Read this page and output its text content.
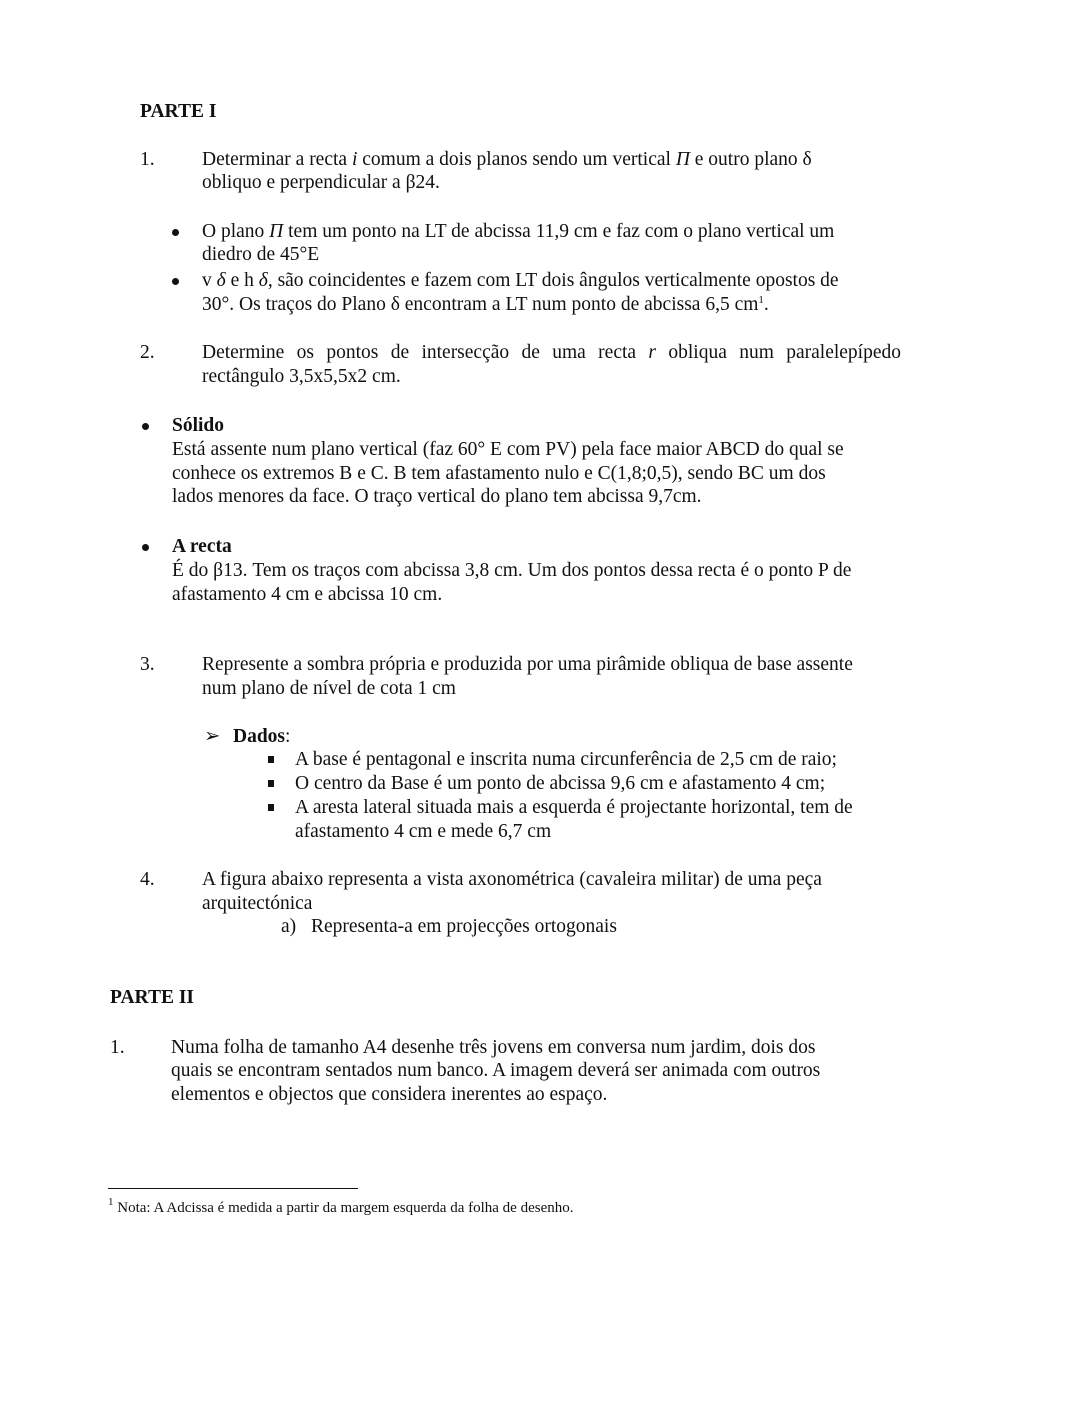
PARTE I
1. Determinar a recta i comum a dois planos sendo um vertical Π e outro plano δ
obliquo e perpendicular a β24.
O plano Π tem um ponto na LT de abcissa 11,9 cm e faz com o plano vertical um
diedro de 45°E
v δ e h δ, são coincidentes e fazem com LT dois ângulos verticalmente opostos de
30°. Os traços do Plano δ encontram a LT num ponto de abcissa 6,5 $cm^1$.
2. Determine os pontos de intersecção de uma recta r obliqua num paralelepípedo
rectângulo 3,5x5,5x2 cm.
Sólido
Está assente num plano vertical (faz 60° E com PV) pela face maior ABCD do qual se
conhece os extremos B e C. B tem afastamento nulo e C(1,8;0,5), sendo BC um dos
lados menores da face. O traço vertical do plano tem abcissa 9,7cm.
A recta
É do β13. Tem os traços com abcissa 3,8 cm. Um dos pontos dessa recta é o ponto P de
afastamento 4 cm e abcissa 10 cm.
3. Represente a sombra própria e produzida por uma pirâmide obliqua de base assente
num plano de nível de cota 1 cm
➢ Dados:
A base é pentagonal e inscrita numa circunferência de 2,5 cm de raio;
O centro da Base é um ponto de abcissa 9,6 cm e afastamento 4 cm;
A aresta lateral situada mais a esquerda é projectante horizontal, tem de
afastamento 4 cm e mede 6,7 cm
4. A figura abaixo representa a vista axonométrica (cavaleira militar) de uma peça
arquitectónica
a) Representa-a em projecções ortogonais
PARTE II
1. Numa folha de tamanho A4 desenhe três jovens em conversa num jardim, dois dos
quais se encontram sentados num banco. A imagem deverá ser animada com outros
elementos e objectos que considera inerentes ao espaço.
$^1$ Nota: A Adcissa é medida a partir da margem esquerda da folha de desenho.
